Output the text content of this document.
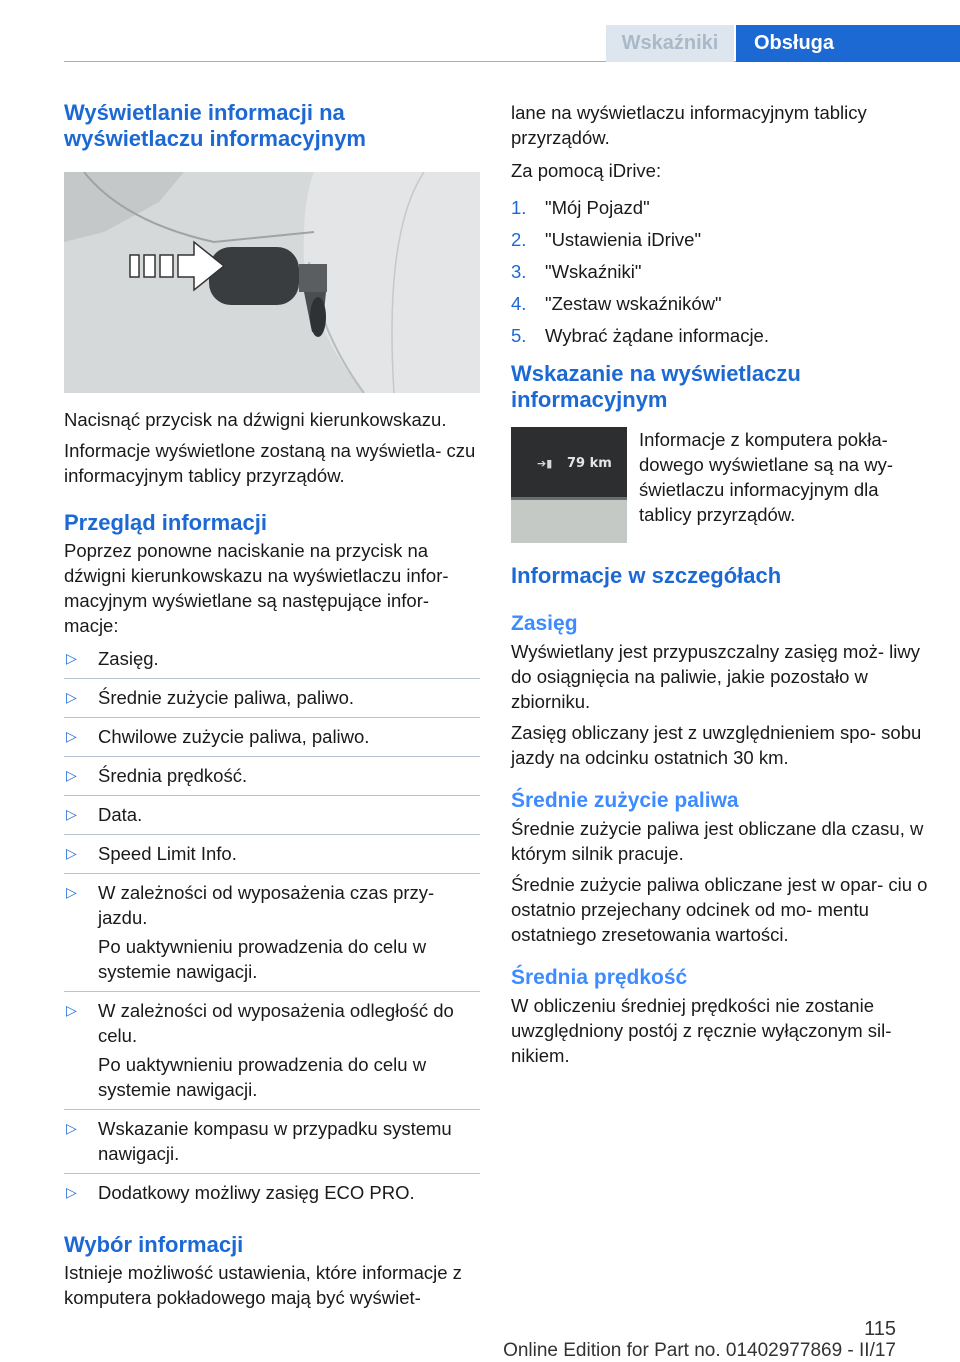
Wskaźniki	Obsługa
Wyświetlanie informacji na wyświetlaczu informacyjnym

Nacisnąć przycisk na dźwigni kierunkowskazu.

Informacje wyświetlone zostaną na wyświetla‐ czu informacyjnym tablicy przyrządów.

Przegląd informacji

Poprzez ponowne naciskanie na przycisk na dźwigni kierunkowskazu na wyświetlaczu infor‐ macyjnym wyświetlane są następujące infor‐ macje:

▷ Zasięg.
▷ Średnie zużycie paliwa, paliwo.
▷ Chwilowe zużycie paliwa, paliwo.
▷ Średnia prędkość.
▷ Data.
▷ Speed Limit Info.
▷ W zależności od wyposażenia czas przy‐ jazdu.
Po uaktywnieniu prowadzenia do celu w systemie nawigacji.
▷ W zależności od wyposażenia odległość do celu.
Po uaktywnieniu prowadzenia do celu w systemie nawigacji.
▷ Wskazanie kompasu w przypadku systemu nawigacji.
▷ Dodatkowy możliwy zasięg ECO PRO.
Wybór informacji

Istnieje możliwość ustawienia, które informacje z komputera pokładowego mają być wyświet‐

lane na wyświetlaczu informacyjnym tablicy przyrządów.

Za pomocą iDrive:

1. "Mój Pojazd"
2. "Ustawienia iDrive"
3. "Wskaźniki"
4. "Zestaw wskaźników"
5. Wybrać żądane informacje.
Wskazanie na wyświetlaczu informacyjnym
➔▮ 79 km

Informacje z komputera pokła‐ dowego wyświetlane są na wy‐ świetlaczu informacyjnym dla tablicy przyrządów.

Informacje w szczegółach
Zasięg

Wyświetlany jest przypuszczalny zasięg moż‐ liwy do osiągnięcia na paliwie, jakie pozostało w zbiorniku.

Zasięg obliczany jest z uwzględnieniem spo‐ sobu jazdy na odcinku ostatnich 30 km.

Średnie zużycie paliwa

Średnie zużycie paliwa jest obliczane dla czasu, w którym silnik pracuje.

Średnie zużycie paliwa obliczane jest w opar‐ ciu o ostatnio przejechany odcinek od mo‐ mentu ostatniego zresetowania wartości.

Średnia prędkość

W obliczeniu średniej prędkości nie zostanie uwzględniony postój z ręcznie wyłączonym sil‐ nikiem.

115
Online Edition for Part no. 01402977869 - II/17
